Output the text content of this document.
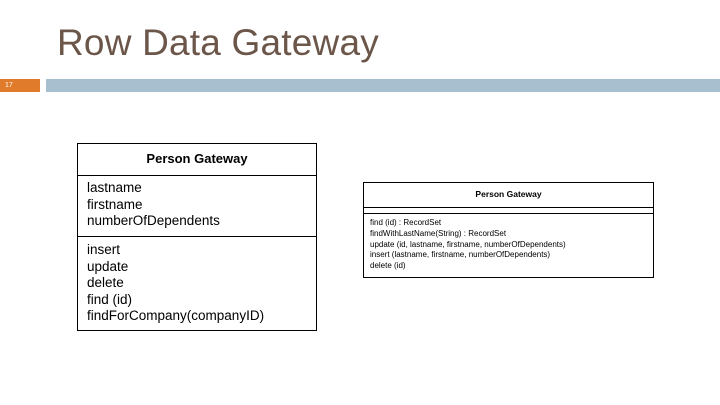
Row Data Gateway
17
Person Gateway
lastname
firstname
numberOfDependents
insert
update
delete
find (id)
findForCompany(companyID)
Person Gateway
find (id) : RecordSet
findWithLastName(String) : RecordSet
update (id, lastname, firstname, numberOfDependents)
insert (lastname, firstname, numberOfDependents)
delete (id)
